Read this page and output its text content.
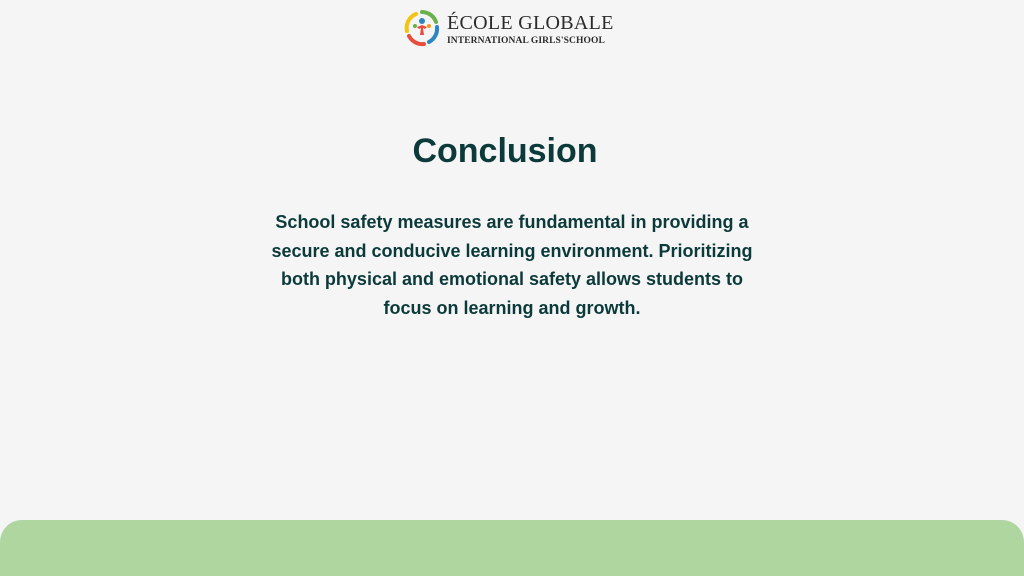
ÉCOLE GLOBALE
INTERNATIONAL GIRLS'SCHOOL
Conclusion

School safety measures are fundamental in providing a secure and conducive learning environment. Prioritizing both physical and emotional safety allows students to focus on learning and growth.
